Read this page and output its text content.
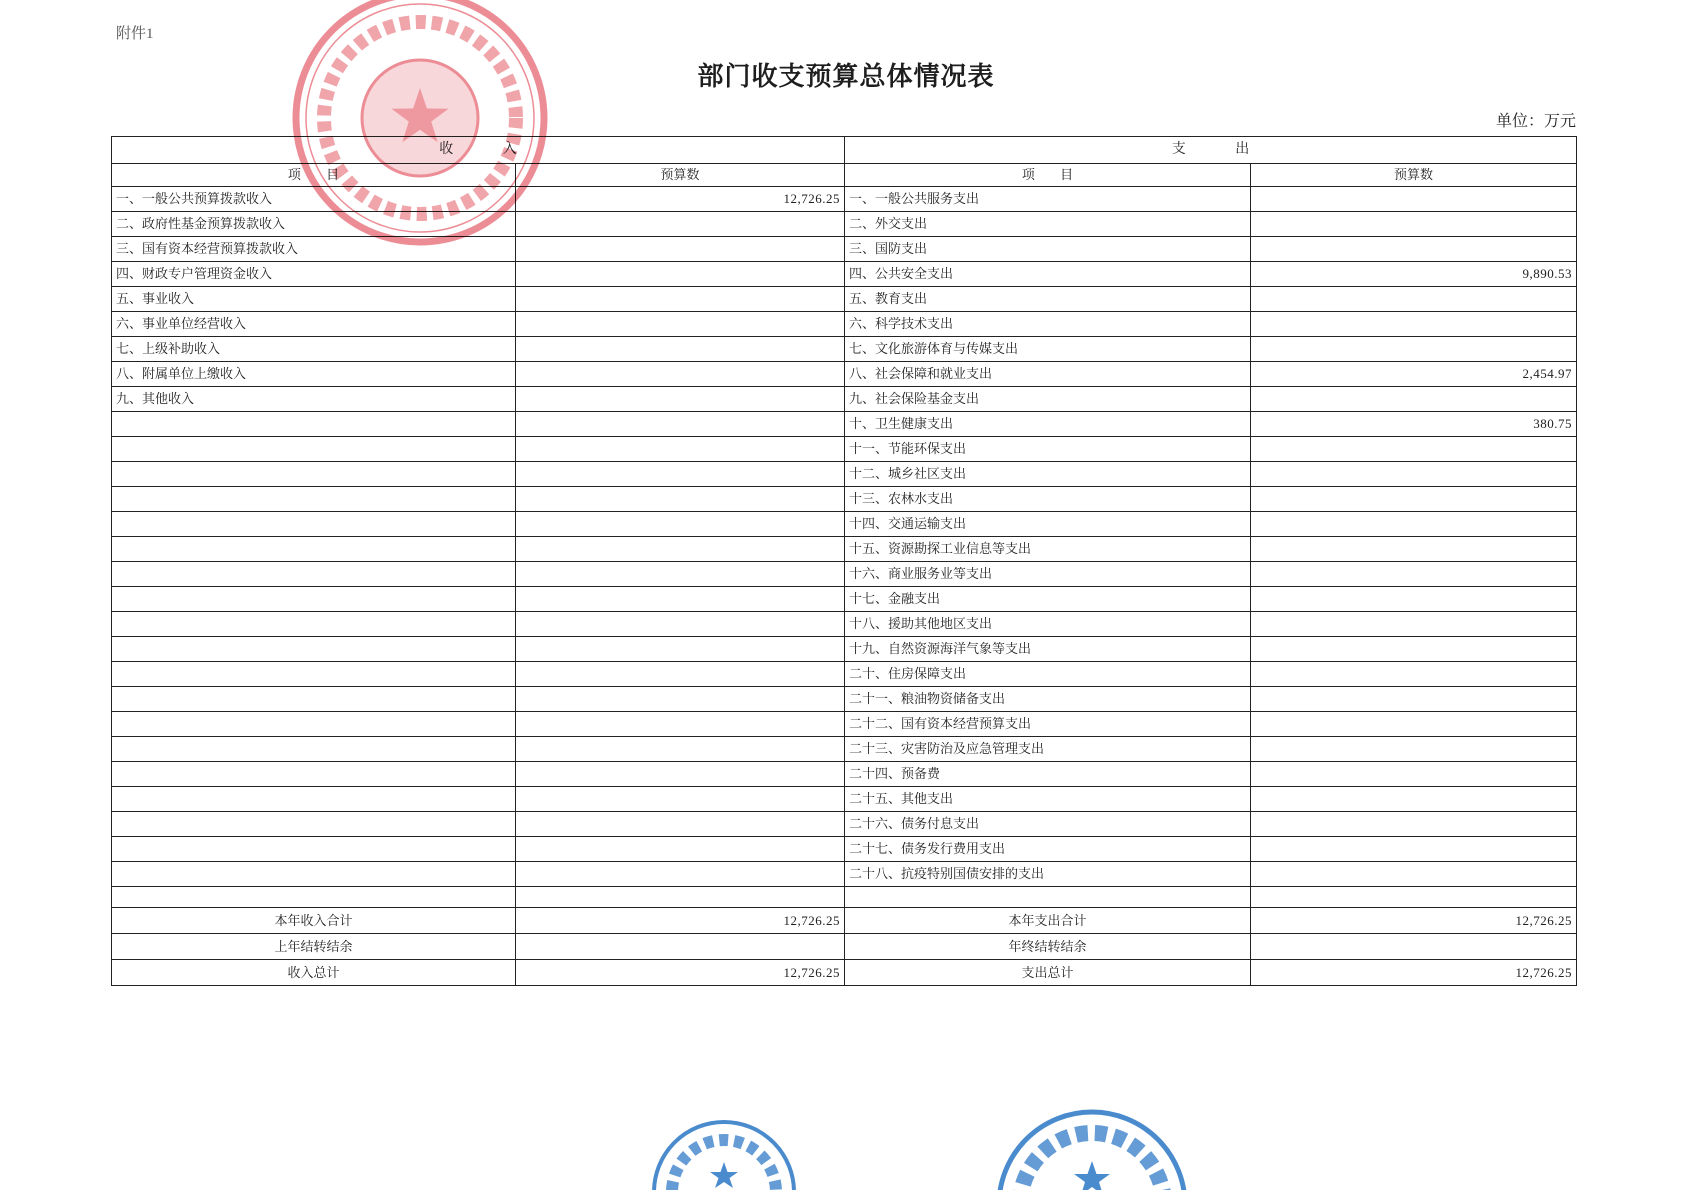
附件1
部门收支预算总体情况表
单位：万元
收 入		支 出	
项 目	预算数	项 目	预算数
一、一般公共预算拨款收入	12,726.25	一、一般公共服务支出	
二、政府性基金预算拨款收入		二、外交支出	
三、国有资本经营预算拨款收入		三、国防支出	
四、财政专户管理资金收入		四、公共安全支出	9,890.53
五、事业收入		五、教育支出	
六、事业单位经营收入		六、科学技术支出	
七、上级补助收入		七、文化旅游体育与传媒支出	
八、附属单位上缴收入		八、社会保障和就业支出	2,454.97
九、其他收入		九、社会保险基金支出	
		十、卫生健康支出	380.75
		十一、节能环保支出	
		十二、城乡社区支出	
		十三、农林水支出	
		十四、交通运输支出	
		十五、资源勘探工业信息等支出	
		十六、商业服务业等支出	
		十七、金融支出	
		十八、援助其他地区支出	
		十九、自然资源海洋气象等支出	
		二十、住房保障支出	
		二十一、粮油物资储备支出	
		二十二、国有资本经营预算支出	
		二十三、灾害防治及应急管理支出	
		二十四、预备费	
		二十五、其他支出	
		二十六、债务付息支出	
		二十七、债务发行费用支出	
		二十八、抗疫特别国债安排的支出	

本年收入合计	12,726.25	本年支出合计	12,726.25
上年结转结余		年终结转结余	
收入总计	12,726.25	支出总计	12,726.25
